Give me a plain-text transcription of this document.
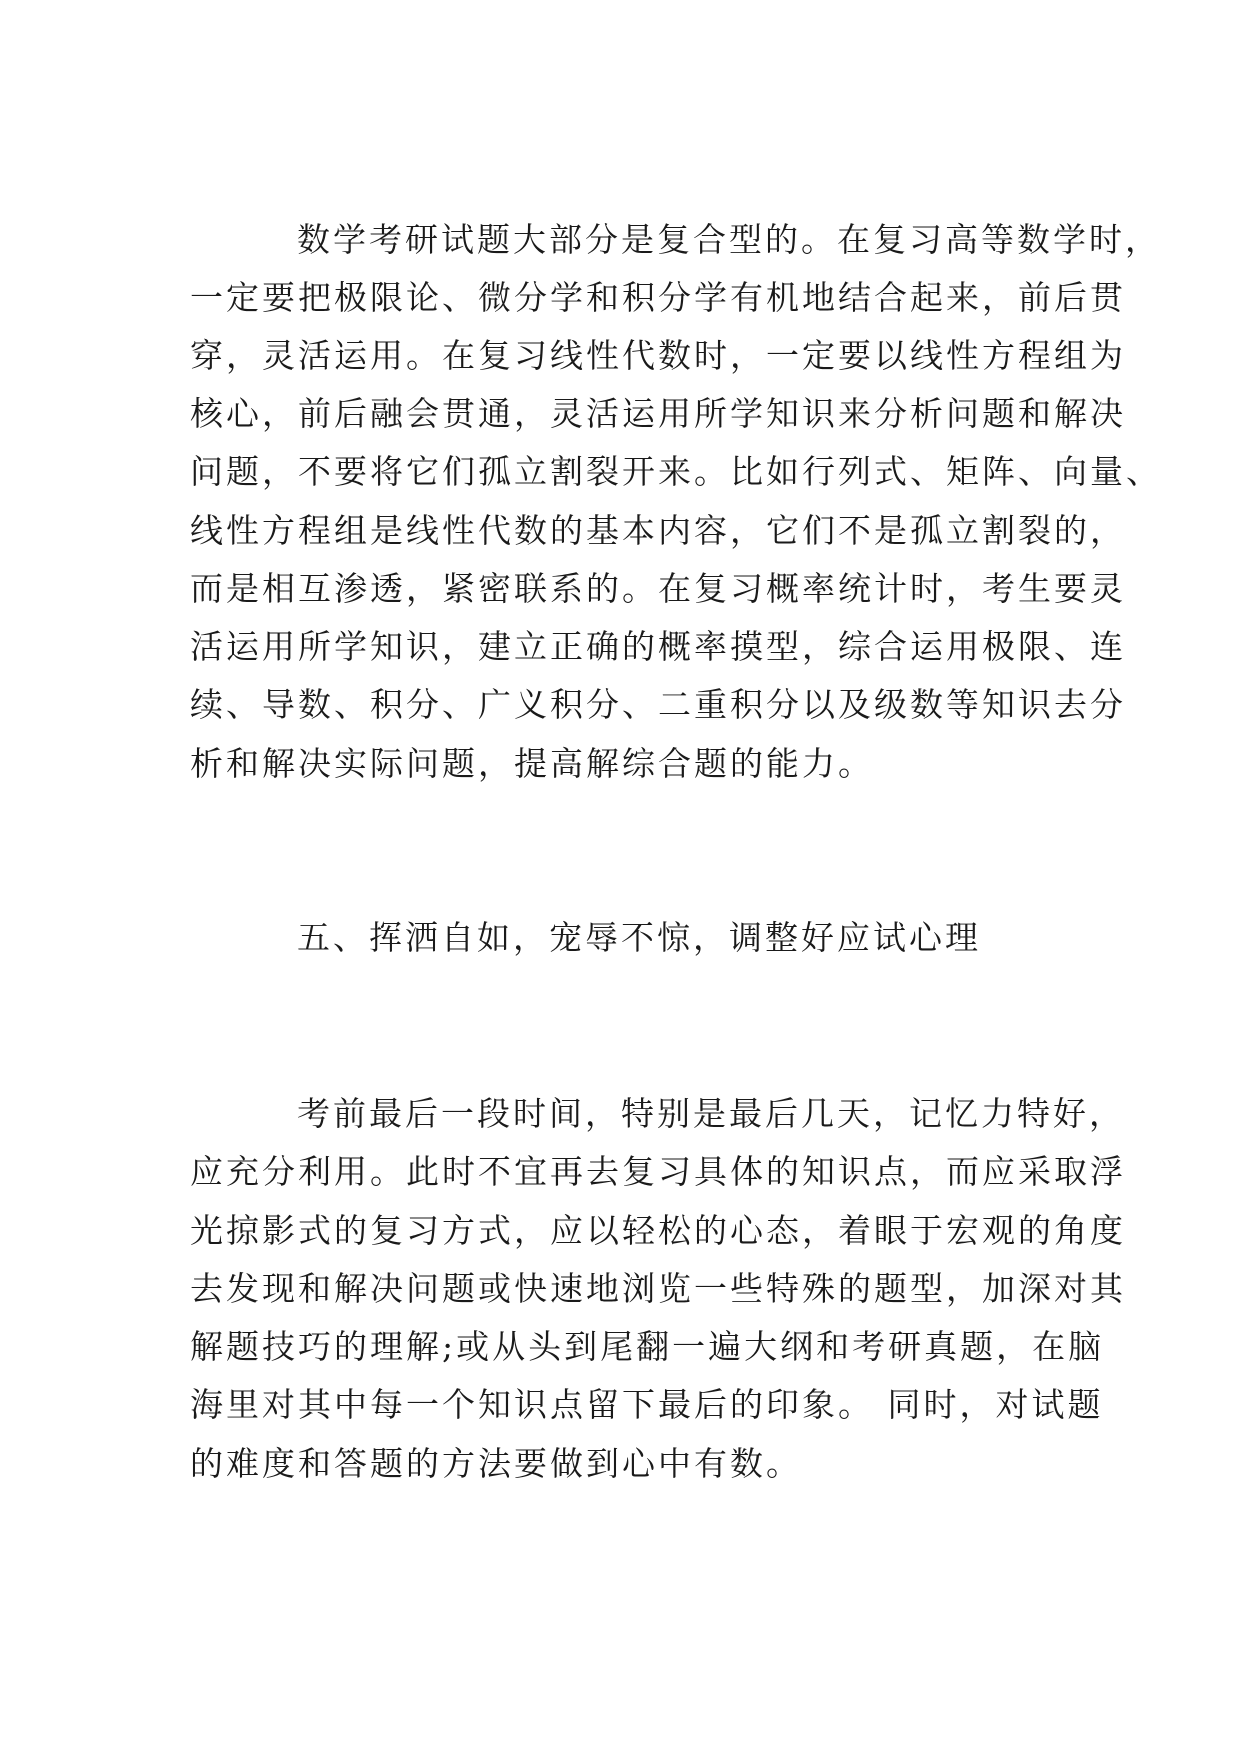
数学考研试题大部分是复合型的。在复习高等数学时，

一定要把极限论、微分学和积分学有机地结合起来，前后贯

穿，灵活运用。在复习线性代数时，一定要以线性方程组为

核心，前后融会贯通，灵活运用所学知识来分析问题和解决

问题，不要将它们孤立割裂开来。比如行列式、矩阵、向量、

线性方程组是线性代数的基本内容，它们不是孤立割裂的，

而是相互渗透，紧密联系的。在复习概率统计时，考生要灵

活运用所学知识，建立正确的概率摸型，综合运用极限、连

续、导数、积分、广义积分、二重积分以及级数等知识去分

析和解决实际问题，提高解综合题的能力。

五、挥洒自如，宠辱不惊，调整好应试心理

考前最后一段时间，特别是最后几天，记忆力特好，

应充分利用。此时不宜再去复习具体的知识点，而应采取浮

光掠影式的复习方式，应以轻松的心态，着眼于宏观的角度

去发现和解决问题或快速地浏览一些特殊的题型，加深对其

解题技巧的理解;或从头到尾翻一遍大纲和考研真题，在脑

海里对其中每一个知识点留下最后的印象。 同时，对试题

的难度和答题的方法要做到心中有数。
